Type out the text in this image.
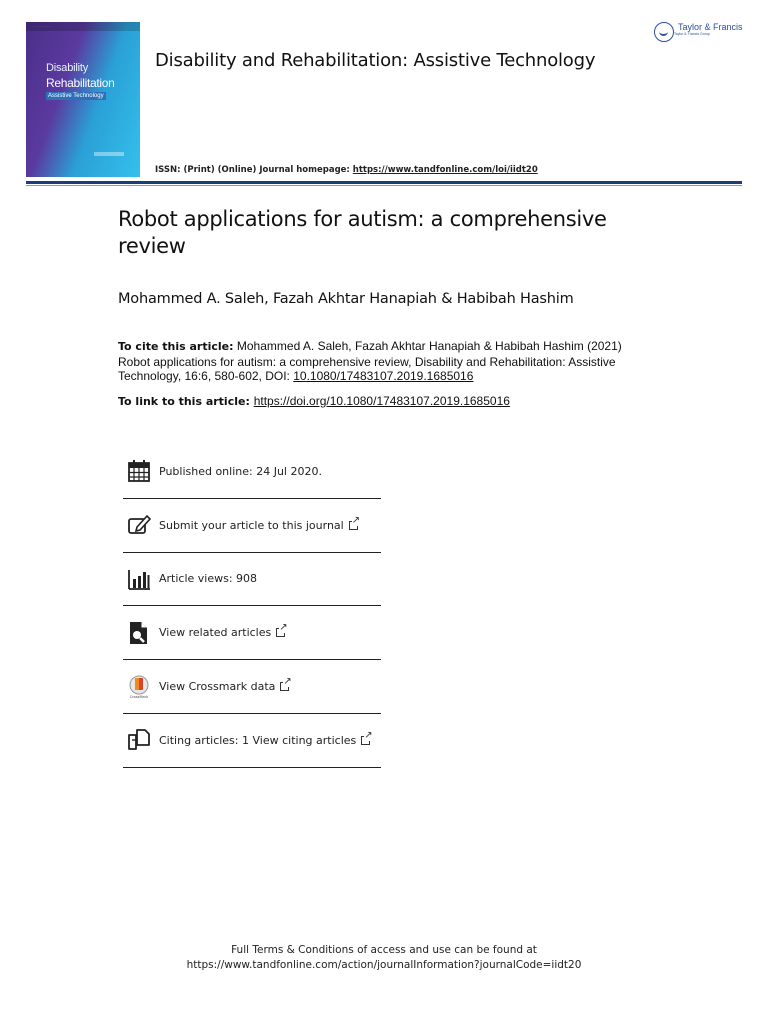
· · · · · · · · · · ·
Disability
Rehabilitation
Assistive Technology
Disability and Rehabilitation: Assistive Technology
ISSN: (Print) (Online) Journal homepage: https://www.tandfonline.com/loi/iidt20
Taylor & Francis
Taylor & Francis Group
Robot applications for autism: a comprehensive review
Mohammed A. Saleh, Fazah Akhtar Hanapiah & Habibah Hashim
To cite this article: Mohammed A. Saleh, Fazah Akhtar Hanapiah & Habibah Hashim (2021) Robot applications for autism: a comprehensive review, Disability and Rehabilitation: Assistive Technology, 16:6, 580-602, DOI: 10.1080/17483107.2019.1685016
To link to this article: https://doi.org/10.1080/17483107.2019.1685016
Published online: 24 Jul 2020.
Submit your article to this journal↗
Article views: 908
View related articles↗
CrossMark
View Crossmark data↗
Citing articles: 1 View citing articles↗
Full Terms & Conditions of access and use can be found at
https://www.tandfonline.com/action/journalInformation?journalCode=iidt20
